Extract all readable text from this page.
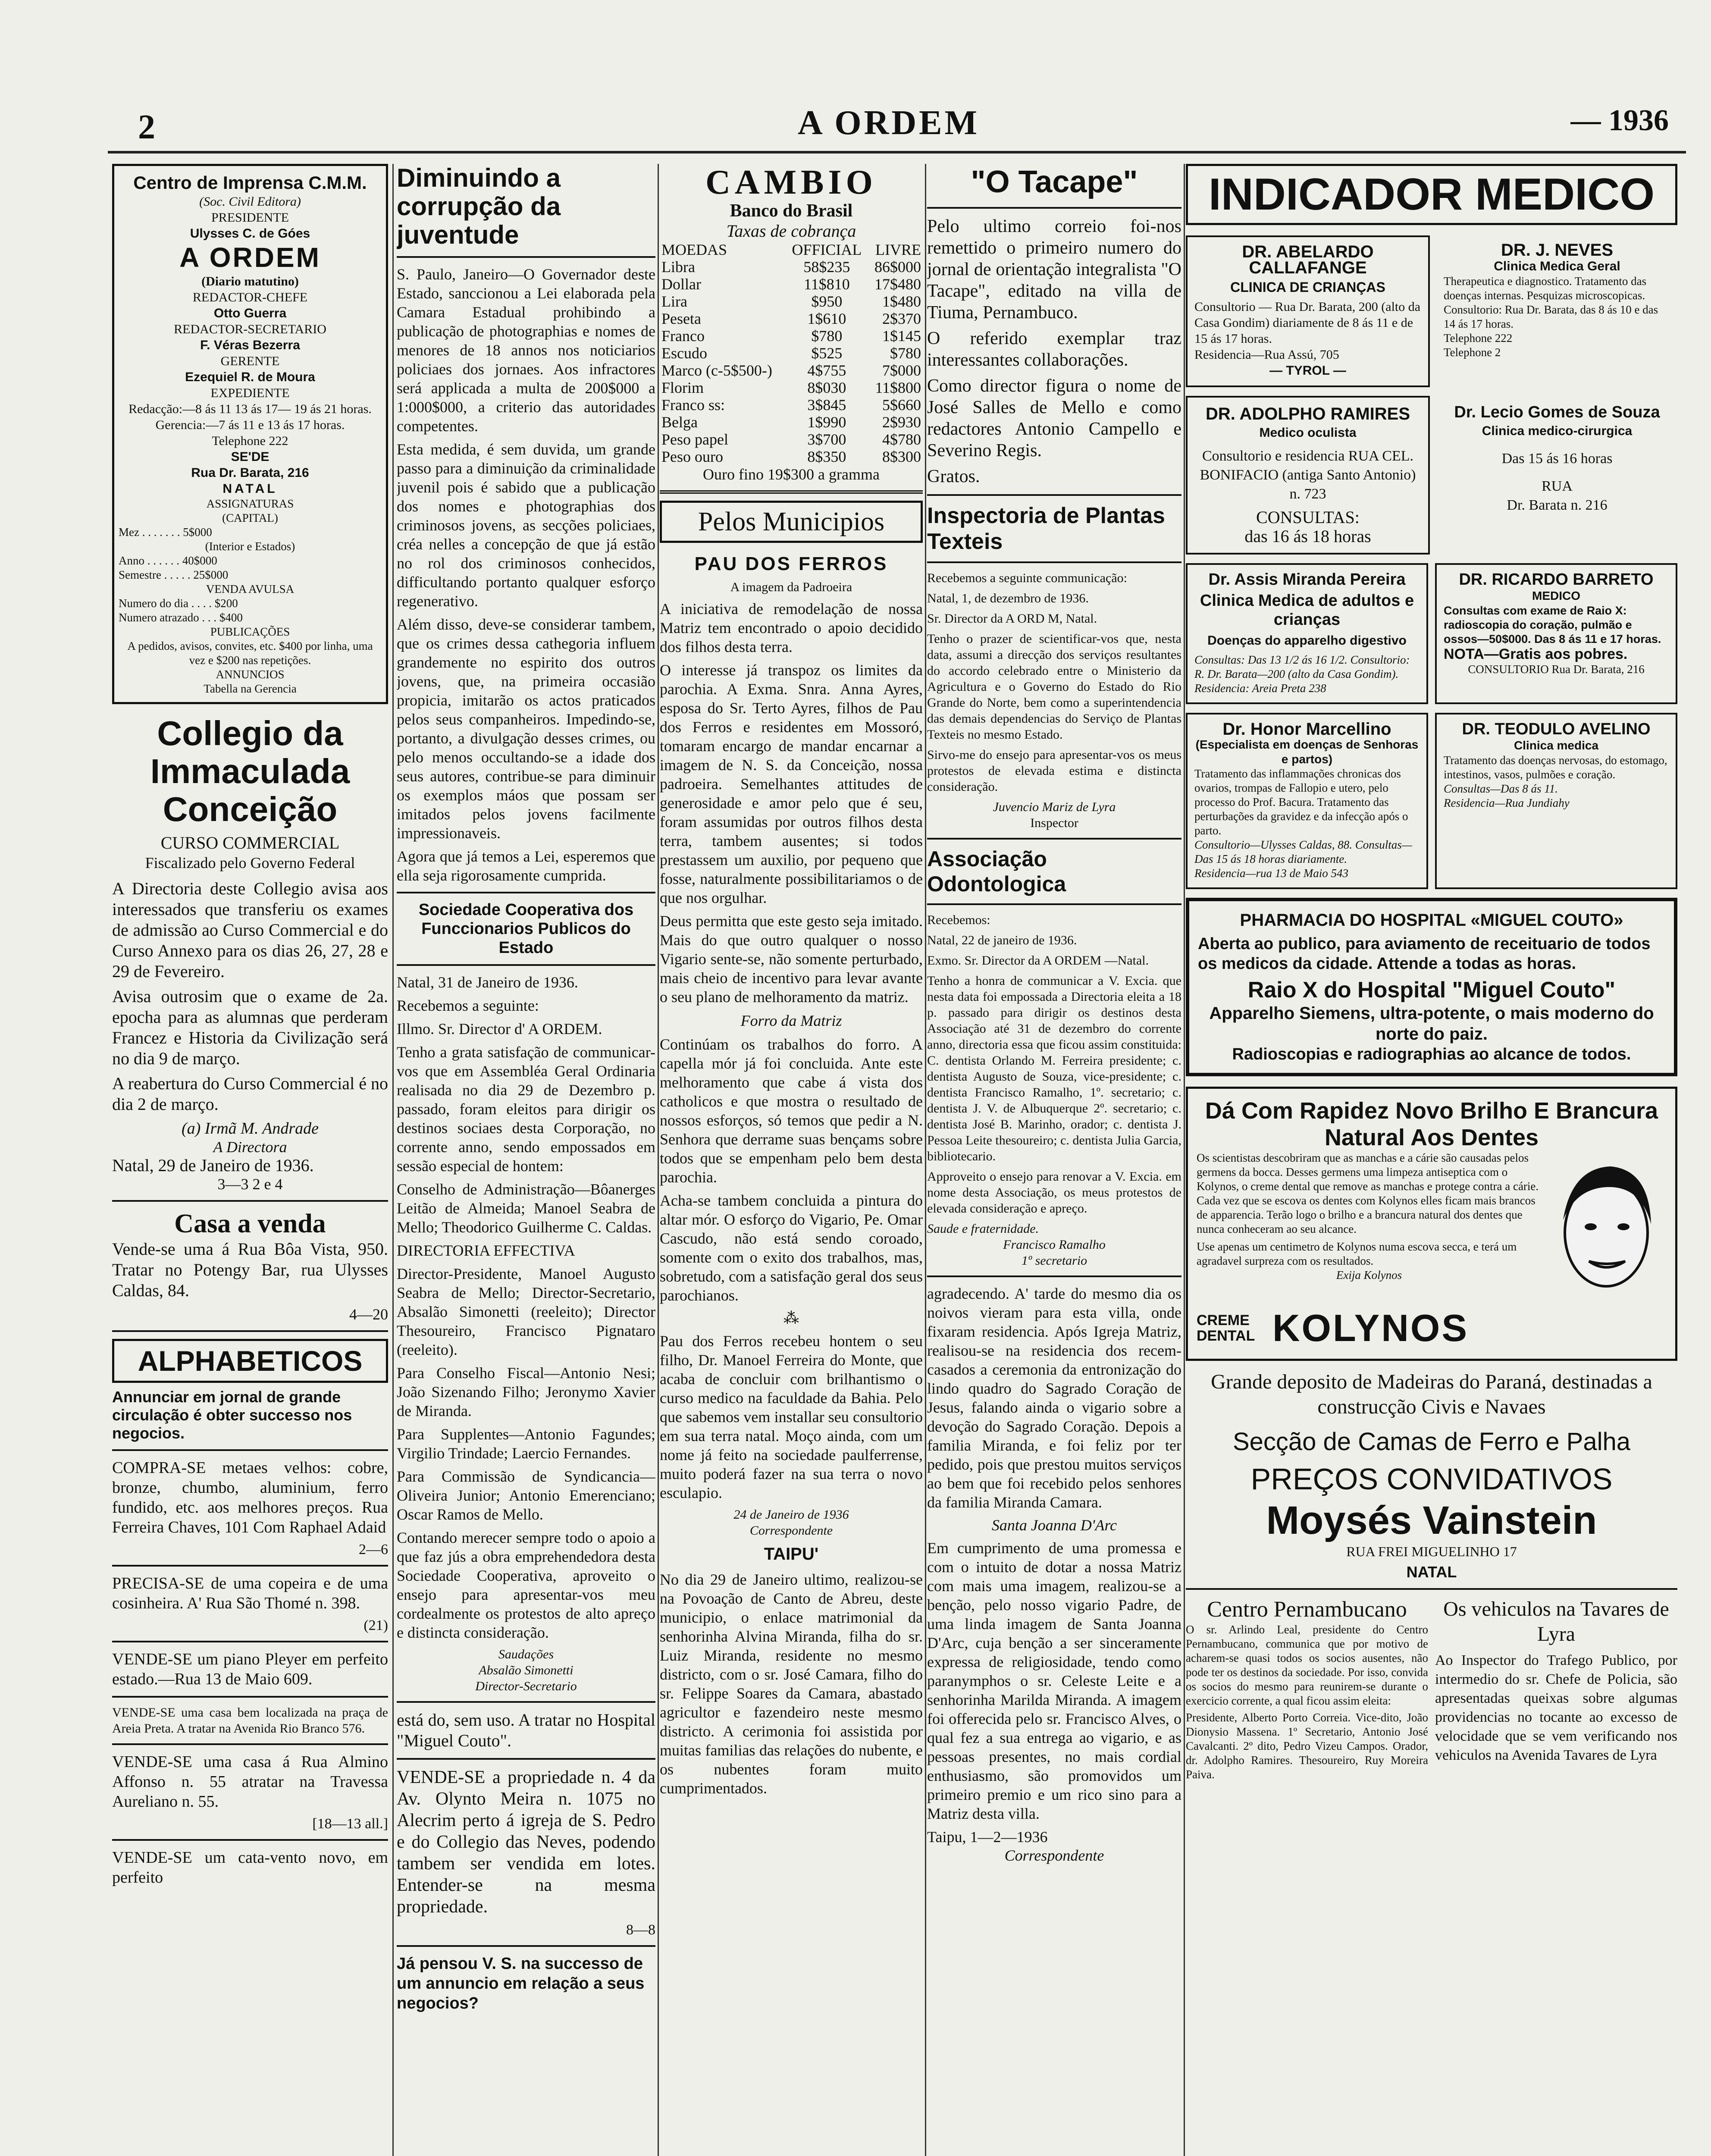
2	A ORDEM	— 1936
Centro de Imprensa C.M.M.
(Soc. Civil Editora)
PRESIDENTE
Ulysses C. de Góes
A ORDEM
(Diario matutino)
REDACTOR-CHEFE
Otto Guerra
REDACTOR-SECRETARIO
F. Véras Bezerra
GERENTE
Ezequiel R. de Moura
EXPEDIENTE
Redacção:—8 ás 11 13 ás 17— 19 ás 21 horas.
Gerencia:—7 ás 11 e 13 ás 17 horas.
Telephone 222
SE'DE
Rua Dr. Barata, 216
NATAL
ASSIGNATURAS
(CAPITAL)
Mez . . . . . . . 5$000
(Interior e Estados)
Anno . . . . . . 40$000
Semestre . . . . . 25$000
VENDA AVULSA
Numero do dia . . . . $200
Numero atrazado . . . $400
PUBLICAÇÕES
A pedidos, avisos, convites, etc. $400 por linha, uma vez e $200 nas repetições.
ANNUNCIOS
Tabella na Gerencia
Collegio da Immaculada Conceição
CURSO COMMERCIAL
Fiscalizado pelo Governo Federal

A Directoria deste Collegio avisa aos interessados que transferiu os exames de admissão ao Curso Commercial e do Curso Annexo para os dias 26, 27, 28 e 29 de Fevereiro.

Avisa outrosim que o exame de 2a. epocha para as alumnas que perderam Francez e Historia da Civilização será no dia 9 de março.

A reabertura do Curso Commercial é no dia 2 de março.

(a) Irmã M. Andrade
A Directora
Natal, 29 de Janeiro de 1936.
3—3 2 e 4
Casa a venda

Vende-se uma á Rua Bôa Vista, 950. Tratar no Potengy Bar, rua Ulysses Caldas, 84.

4—20
ALPHABETICOS
Annunciar em jornal de grande circulação é obter successo nos negocios.

COMPRA-SE metaes velhos: cobre, bronze, chumbo, aluminium, ferro fundido, etc. aos melhores preços. Rua Ferreira Chaves, 101 Com Raphael Adaid

2—6

PRECISA-SE de uma copeira e de uma cosinheira. A' Rua São Thomé n. 398.

(21)

VENDE-SE um piano Pleyer em perfeito estado.—Rua 13 de Maio 609.

VENDE-SE uma casa bem localizada na praça de Areia Preta. A tratar na Avenida Rio Branco 576.

VENDE-SE uma casa á Rua Almino Affonso n. 55 atratar na Travessa Aureliano n. 55.

[18—13 all.]

VENDE-SE um cata-vento novo, em perfeito

Diminuindo a corrupção da juventude

S. Paulo, Janeiro—O Governador deste Estado, sanccionou a Lei elaborada pela Camara Estadual prohibindo a publicação de photographias e nomes de menores de 18 annos nos noticiarios policiaes dos jornaes. Aos infractores será applicada a multa de 200$000 a 1:000$000, a criterio das autoridades competentes.

Esta medida, é sem duvida, um grande passo para a diminuição da criminalidade juvenil pois é sabido que a publicação dos nomes e photographias dos criminosos jovens, as secções policiaes, créa nelles a concepção de que já estão no rol dos criminosos conhecidos, difficultando portanto qualquer esforço regenerativo.

Além disso, deve-se considerar tambem, que os crimes dessa cathegoria influem grandemente no espirito dos outros jovens, que, na primeira occasião propicia, imitarão os actos praticados pelos seus companheiros. Impedindo-se, portanto, a divulgação desses crimes, ou pelo menos occultando-se a idade dos seus autores, contribue-se para diminuir os exemplos máos que possam ser imitados pelos jovens facilmente impressionaveis.

Agora que já temos a Lei, esperemos que ella seja rigorosamente cumprida.

Sociedade Cooperativa dos Funccionarios Publicos do Estado

Natal, 31 de Janeiro de 1936.

Recebemos a seguinte:

Illmo. Sr. Director d' A ORDEM.

Tenho a grata satisfação de communicar-vos que em Assembléa Geral Ordinaria realisada no dia 29 de Dezembro p. passado, foram eleitos para dirigir os destinos sociaes desta Corporação, no corrente anno, sendo empossados em sessão especial de hontem:

Conselho de Administração—Bôanerges Leitão de Almeida; Manoel Seabra de Mello; Theodorico Guilherme C. Caldas.

DIRECTORIA EFFECTIVA

Director-Presidente, Manoel Augusto Seabra de Mello; Director-Secretario, Absalão Simonetti (reeleito); Director Thesoureiro, Francisco Pignataro (reeleito).

Para Conselho Fiscal—Antonio Nesi; João Sizenando Filho; Jeronymo Xavier de Miranda.

Para Supplentes—Antonio Fagundes; Virgilio Trindade; Laercio Fernandes.

Para Commissão de Syndicancia—Oliveira Junior; Antonio Emerenciano; Oscar Ramos de Mello.

Contando merecer sempre todo o apoio a que faz jús a obra emprehendedora desta Sociedade Cooperativa, aproveito o ensejo para apresentar-vos meu cordealmente os protestos de alto apreço e distincta consideração.

Saudações
Absalão Simonetti
Director-Secretario

está do, sem uso. A tratar no Hospital "Miguel Couto".

VENDE-SE a propriedade n. 4 da Av. Olynto Meira n. 1075 no Alecrim perto á igreja de S. Pedro e do Collegio das Neves, podendo tambem ser vendida em lotes. Entender-se na mesma propriedade.

8—8
Já pensou V. S. na successo de um annuncio em relação a seus negocios?
CAMBIO
Banco do Brasil
Taxas de cobrança
MOEDAS	OFFICIAL	LIVRE
Libra	58$235	86$000
Dollar	11$810	17$480
Lira	$950	1$480
Peseta	1$610	2$370
Franco	$780	1$145
Escudo	$525	$780
Marco (c-5$500-)	4$755	7$000
Florim	8$030	11$800
Franco ss:	3$845	5$660
Belga	1$990	2$930
Peso papel	3$700	4$780
Peso ouro	8$350	8$300
Ouro fino 19$300 a gramma
Pelos Municipios
PAU DOS FERROS
A imagem da Padroeira

A iniciativa de remodelação de nossa Matriz tem encontrado o apoio decidido dos filhos desta terra.

O interesse já transpoz os limites da parochia. A Exma. Snra. Anna Ayres, esposa do Sr. Terto Ayres, filhos de Pau dos Ferros e residentes em Mossoró, tomaram encargo de mandar encarnar a imagem de N. S. da Conceição, nossa padroeira. Semelhantes attitudes de generosidade e amor pelo que é seu, foram assumidas por outros filhos desta terra, tambem ausentes; si todos prestassem um auxilio, por pequeno que fosse, naturalmente possibilitariamos o de que nos orgulhar.

Deus permitta que este gesto seja imitado. Mais do que outro qualquer o nosso Vigario sente-se, não somente perturbado, mais cheio de incentivo para levar avante o seu plano de melhoramento da matriz.

Forro da Matriz

Continúam os trabalhos do forro. A capella mór já foi concluida. Ante este melhoramento que cabe á vista dos catholicos e que mostra o resultado de nossos esforços, só temos que pedir a N. Senhora que derrame suas bençams sobre todos que se empenham pelo bem desta parochia.

Acha-se tambem concluida a pintura do altar mór. O esforço do Vigario, Pe. Omar Cascudo, não está sendo coroado, somente com o exito dos trabalhos, mas, sobretudo, com a satisfação geral dos seus parochianos.

⁂

Pau dos Ferros recebeu hontem o seu filho, Dr. Manoel Ferreira do Monte, que acaba de concluir com brilhantismo o curso medico na faculdade da Bahia. Pelo que sabemos vem installar seu consultorio em sua terra natal. Moço ainda, com um nome já feito na sociedade paulferrense, muito poderá fazer na sua terra o novo esculapio.

24 de Janeiro de 1936
Correspondente
TAIPU'

No dia 29 de Janeiro ultimo, realizou-se na Povoação de Canto de Abreu, deste municipio, o enlace matrimonial da senhorinha Alvina Miranda, filha do sr. Luiz Miranda, residente no mesmo districto, com o sr. José Camara, filho do sr. Felippe Soares da Camara, abastado agricultor e fazendeiro neste mesmo districto. A cerimonia foi assistida por muitas familias das relações do nubente, e os nubentes foram muito cumprimentados.

"O Tacape"

Pelo ultimo correio foi-nos remettido o primeiro numero do jornal de orientação integralista "O Tacape", editado na villa de Tiuma, Pernambuco.

O referido exemplar traz interessantes collaborações.

Como director figura o nome de José Salles de Mello e como redactores Antonio Campello e Severino Regis.

Gratos.

Inspectoria de Plantas Texteis

Recebemos a seguinte communicação:

Natal, 1, de dezembro de 1936.

Sr. Director da A ORD M, Natal.

Tenho o prazer de scientificar-vos que, nesta data, assumi a direcção dos serviços resultantes do accordo celebrado entre o Ministerio da Agricultura e o Governo do Estado do Rio Grande do Norte, bem como a superintendencia das demais dependencias do Serviço de Plantas Texteis no mesmo Estado.

Sirvo-me do ensejo para apresentar-vos os meus protestos de elevada estima e distincta consideração.

Juvencio Mariz de Lyra
Inspector
Associação Odontologica

Recebemos:

Natal, 22 de janeiro de 1936.

Exmo. Sr. Director da A ORDEM —Natal.

Tenho a honra de communicar a V. Excia. que nesta data foi empossada a Directoria eleita a 18 p. passado para dirigir os destinos desta Associação até 31 de dezembro do corrente anno, directoria essa que ficou assim constituida: C. dentista Orlando M. Ferreira presidente; c. dentista Augusto de Souza, vice-presidente; c. dentista Francisco Ramalho, 1º. secretario; c. dentista J. V. de Albuquerque 2º. secretario; c. dentista José B. Marinho, orador; c. dentista J. Pessoa Leite thesoureiro; c. dentista Julia Garcia, bibliotecario.

Approveito o ensejo para renovar a V. Excia. em nome desta Associação, os meus protestos de elevada consideração e apreço.

Saude e fraternidade.
Francisco Ramalho
1º secretario

agradecendo. A' tarde do mesmo dia os noivos vieram para esta villa, onde fixaram residencia. Após Igreja Matriz, realisou-se na residencia dos recem-casados a ceremonia da entronização do lindo quadro do Sagrado Coração de Jesus, falando ainda o vigario sobre a devoção do Sagrado Coração. Depois a familia Miranda, e foi feliz por ter pedido, pois que prestou muitos serviços ao bem que foi recebido pelos senhores da familia Miranda Camara.

Santa Joanna D'Arc

Em cumprimento de uma promessa e com o intuito de dotar a nossa Matriz com mais uma imagem, realizou-se a benção, pelo nosso vigario Padre, de uma linda imagem de Santa Joanna D'Arc, cuja benção a ser sinceramente expressa de religiosidade, tendo como paranymphos o sr. Celeste Leite e a senhorinha Marilda Miranda. A imagem foi offerecida pelo sr. Francisco Alves, o qual fez a sua entrega ao vigario, e as pessoas presentes, no mais cordial enthusiasmo, são promovidos um primeiro premio e um rico sino para a Matriz desta villa.

Taipu, 1—2—1936
Correspondente
INDICADOR MEDICO
DR. ABELARDO CALLAFANGE
CLINICA DE CRIANÇAS
Consultorio — Rua Dr. Barata, 200 (alto da Casa Gondim) diariamente de 8 ás 11 e de 15 ás 17 horas.
Residencia—Rua Assú, 705
— TYROL —
DR. J. NEVES
Clinica Medica Geral
Therapeutica e diagnostico. Tratamento das doenças internas. Pesquizas microscopicas. Consultorio: Rua Dr. Barata, das 8 ás 10 e das 14 ás 17 horas.
Telephone 222
Telephone 2
DR. ADOLPHO RAMIRES
Medico oculista
Consultorio e residencia RUA CEL. BONIFACIO (antiga Santo Antonio) n. 723
CONSULTAS:
das 16 ás 18 horas
Dr. Lecio Gomes de Souza
Clinica medico-cirurgica
Das 15 ás 16 horas
RUA
Dr. Barata n. 216
Dr. Assis Miranda Pereira
Clinica Medica de adultos e crianças
Doenças do apparelho digestivo
Consultas: Das 13 1/2 ás 16 1/2. Consultorio: R. Dr. Barata—200 (alto da Casa Gondim).
Residencia: Areia Preta 238
DR. RICARDO BARRETO
MEDICO
Consultas com exame de Raio X: radioscopia do coração, pulmão e ossos—50$000. Das 8 ás 11 e 17 horas.
NOTA—Gratis aos pobres.
CONSULTORIO Rua Dr. Barata, 216
Dr. Honor Marcellino
(Especialista em doenças de Senhoras e partos)
Tratamento das inflammações chronicas dos ovarios, trompas de Fallopio e utero, pelo processo do Prof. Bacura. Tratamento das perturbações da gravidez e da infecção após o parto.
Consultorio—Ulysses Caldas, 88. Consultas—Das 15 ás 18 horas diariamente.
Residencia—rua 13 de Maio 543
DR. TEODULO AVELINO
Clinica medica
Tratamento das doenças nervosas, do estomago, intestinos, vasos, pulmões e coração.
Consultas—Das 8 ás 11.
Residencia—Rua Jundiahy
PHARMACIA DO HOSPITAL «MIGUEL COUTO»
Aberta ao publico, para aviamento de receituario de todos os medicos da cidade. Attende a todas as horas.
Raio X do Hospital "Miguel Couto"
Apparelho Siemens, ultra-potente, o mais moderno do norte do paiz.
Radioscopias e radiographias ao alcance de todos.
Dá Com Rapidez Novo Brilho E Brancura Natural Aos Dentes
Os scientistas descobriram que as manchas e a cárie são causadas pelos germens da bocca. Desses germens uma limpeza antiseptica com o Kolynos, o creme dental que remove as manchas e protege contra a cárie. Cada vez que se escova os dentes com Kolynos elles ficam mais brancos de apparencia. Terão logo o brilho e a brancura natural dos dentes que nunca conheceram ao seu alcance.
Use apenas um centimetro de Kolynos numa escova secca, e terá um agradavel surpreza com os resultados.
Exija Kolynos
CREME DENTAL KOLYNOS
Grande deposito de Madeiras do Paraná, destinadas a construcção Civis e Navaes
Secção de Camas de Ferro e Palha
PREÇOS CONVIDATIVOS
Moysés Vainstein
RUA FREI MIGUELINHO 17
NATAL
Centro Pernambucano
O sr. Arlindo Leal, presidente do Centro Pernambucano, communica que por motivo de acharem-se quasi todos os socios ausentes, não pode ter os destinos da sociedade. Por isso, convida os socios do mesmo para reunirem-se durante o exercicio corrente, a qual ficou assim eleita:
Presidente, Alberto Porto Correia. Vice-dito, João Dionysio Massena. 1º Secretario, Antonio José Cavalcanti. 2º dito, Pedro Vizeu Campos. Orador, dr. Adolpho Ramires. Thesoureiro, Ruy Moreira Paiva.
Os vehiculos na Tavares de Lyra
Ao Inspector do Trafego Publico, por intermedio do sr. Chefe de Policia, são apresentadas queixas sobre algumas providencias no tocante ao excesso de velocidade que se vem verificando nos vehiculos na Avenida Tavares de Lyra
